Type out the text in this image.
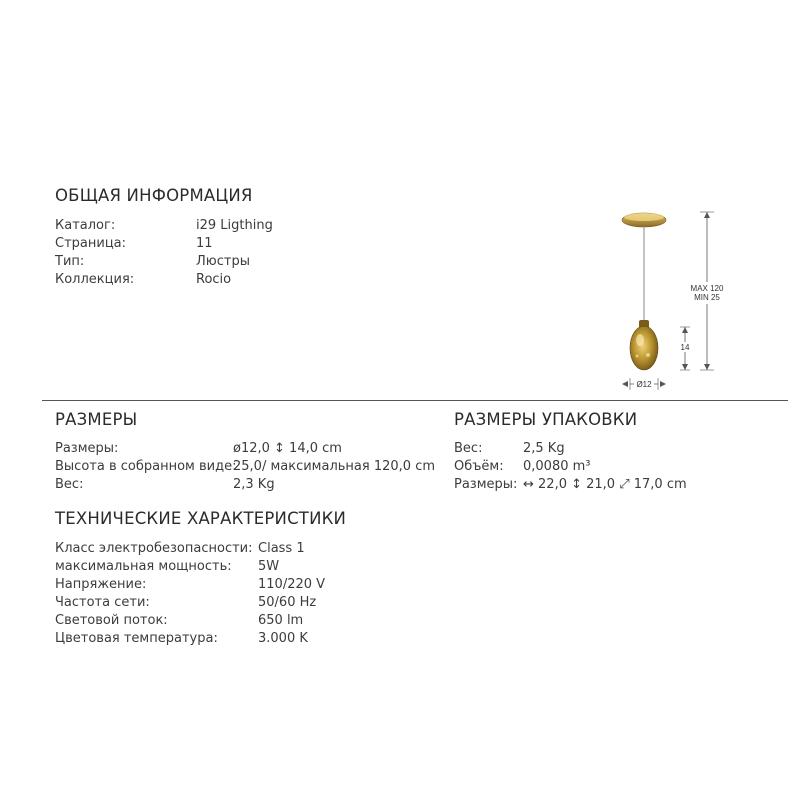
ОБЩАЯ ИНФОРМАЦИЯ
Каталог:	i29 Ligthing
Страница:	11
Тип:	Люстры
Коллекция:	Rocio
MAX 120
MIN 25
14
Ø12
РАЗМЕРЫ
Размеры:	ø12,0 ↕ 14,0 cm
Высота в собранном виде:
25,0/ максимальная 120,0 cm
Вес:	2,3 Kg
РАЗМЕРЫ УПАКОВКИ
Вес:	2,5 Kg
Объём: 0,0080 m³
Размеры: ↔ 22,0 ↕ 21,0 ⤢ 17,0 cm
ТЕХНИЧЕСКИЕ ХАРАКТЕРИСТИКИ
Класс электробезопасности: Class 1
максимальная мощность: 5W
Напряжение:	110/220 V
Частота сети:	50/60 Hz
Световой поток:	650 lm
Цветовая температура:	3.000 K
